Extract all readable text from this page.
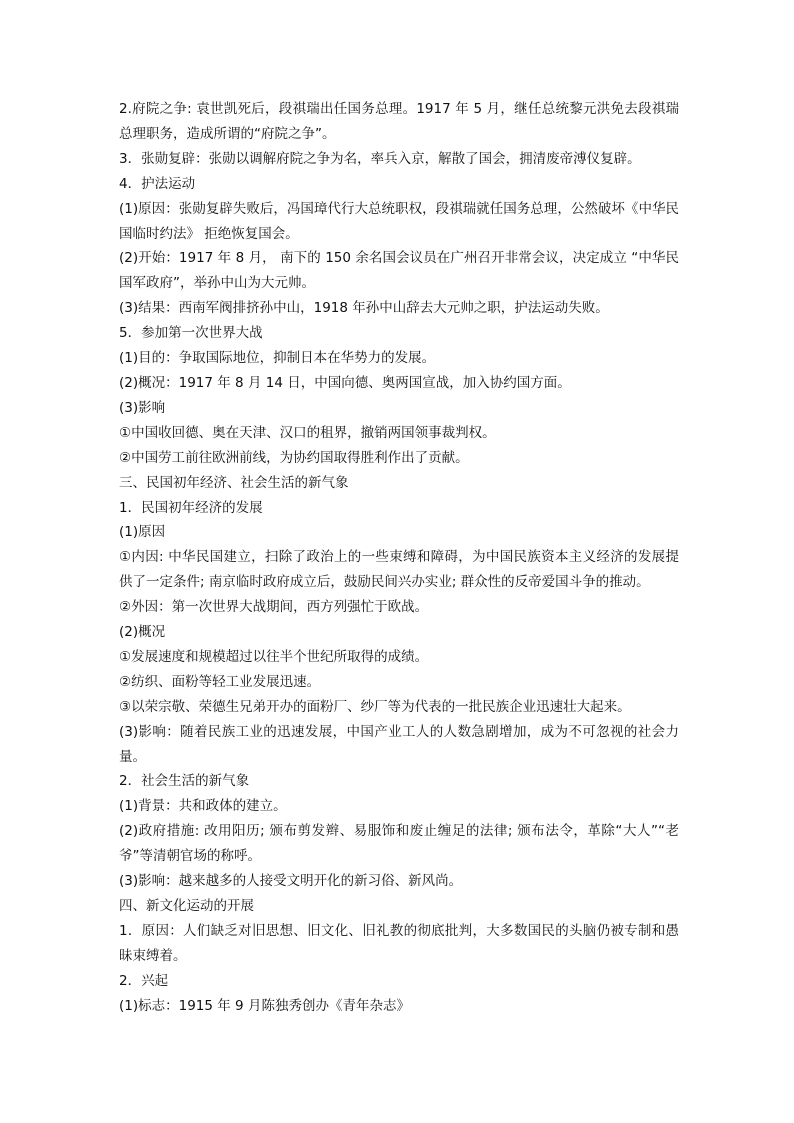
2.府院之争: 袁世凯死后，段祺瑞出任国务总理。1917 年 5 月，继任总统黎元洪免去段祺瑞总理职务，造成所谓的“府院之争”。

3．张勋复辟：张勋以调解府院之争为名，率兵入京，解散了国会，拥清废帝溥仪复辟。

4．护法运动

(1)原因：张勋复辟失败后，冯国璋代行大总统职权，段祺瑞就任国务总理，公然破坏《中华民国临时约法》 拒绝恢复国会。

(2)开始：1917 年 8 月， 南下的 150 余名国会议员在广州召开非常会议，决定成立 “中华民国军政府”，举孙中山为大元帅。

(3)结果：西南军阀排挤孙中山，1918 年孙中山辞去大元帅之职，护法运动失败。

5．参加第一次世界大战

(1)目的：争取国际地位，抑制日本在华势力的发展。

(2)概况：1917 年 8 月 14 日，中国向德、奥两国宣战，加入协约国方面。

(3)影响

①中国收回德、奥在天津、汉口的租界，撤销两国领事裁判权。

②中国劳工前往欧洲前线，为协约国取得胜利作出了贡献。

三、民国初年经济、社会生活的新气象

1．民国初年经济的发展

(1)原因

①内因: 中华民国建立，扫除了政治上的一些束缚和障碍，为中国民族资本主义经济的发展提供了一定条件; 南京临时政府成立后，鼓励民间兴办实业; 群众性的反帝爱国斗争的推动。

②外因：第一次世界大战期间，西方列强忙于欧战。

(2)概况

①发展速度和规模超过以往半个世纪所取得的成绩。

②纺织、面粉等轻工业发展迅速。

③以荣宗敬、荣德生兄弟开办的面粉厂、纱厂等为代表的一批民族企业迅速壮大起来。

(3)影响：随着民族工业的迅速发展，中国产业工人的人数急剧增加，成为不可忽视的社会力量。

2．社会生活的新气象

(1)背景：共和政体的建立。

(2)政府措施: 改用阳历; 颁布剪发辫、易服饰和废止缠足的法律; 颁布法令，革除“大人”“老爷”等清朝官场的称呼。

(3)影响：越来越多的人接受文明开化的新习俗、新风尚。

四、新文化运动的开展

1．原因：人们缺乏对旧思想、旧文化、旧礼教的彻底批判，大多数国民的头脑仍被专制和愚昧束缚着。

2．兴起

(1)标志：1915 年 9 月陈独秀创办《青年杂志》
